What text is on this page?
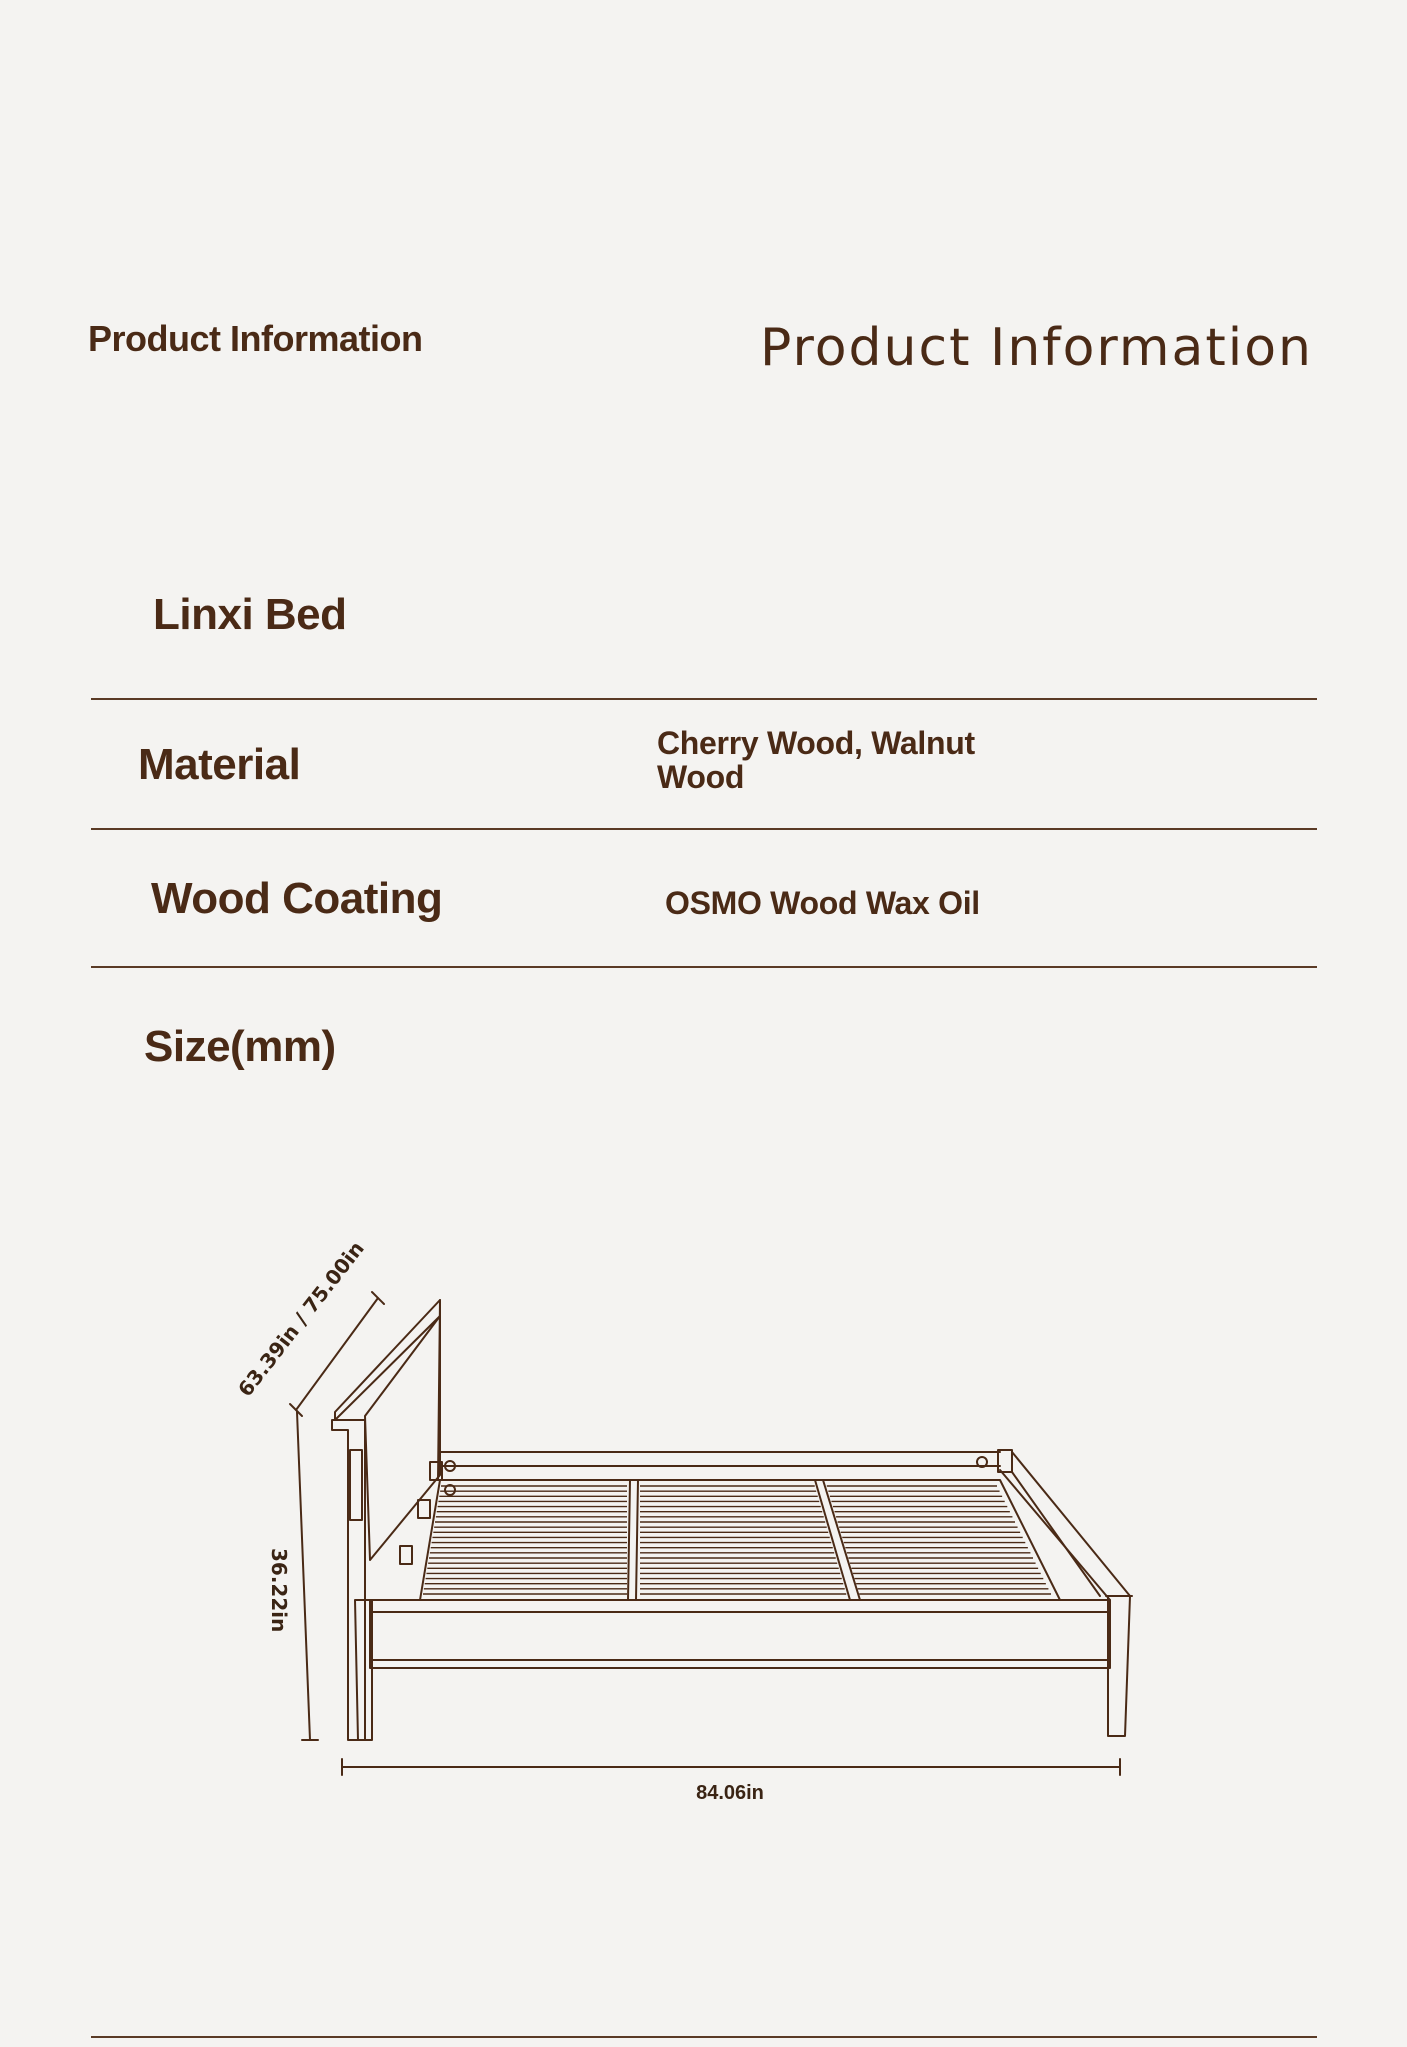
Product Information	Product Information
Linxi Bed
Material	Cherry Wood, Walnut Wood
Wood Coating	OSMO Wood Wax Oil
Size(mm)
63.39in / 75.00in
36.22in
84.06in
